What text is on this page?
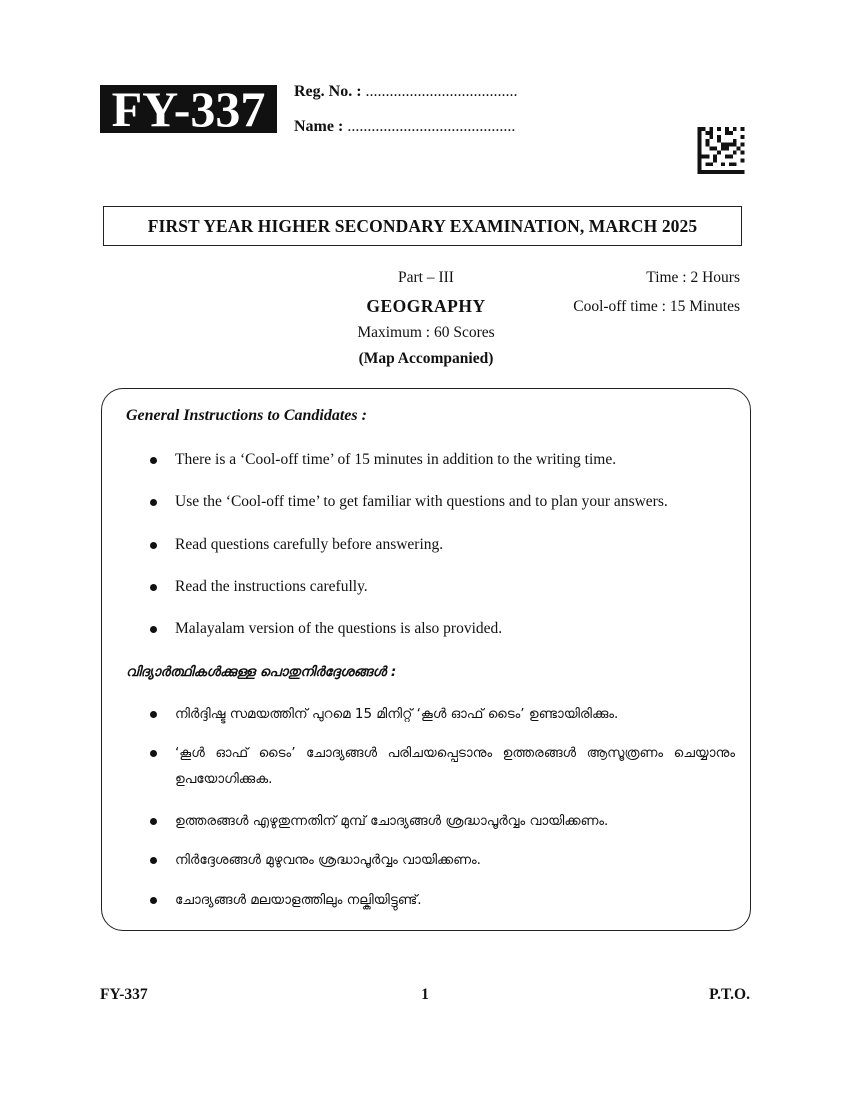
FY-337	Reg. No. : ......................................
Name : ..........................................
FIRST YEAR HIGHER SECONDARY EXAMINATION, MARCH 2025
Part – III
GEOGRAPHY
Maximum : 60 Scores
(Map Accompanied)
Time : 2 Hours
Cool-off time : 15 Minutes
General Instructions to Candidates :
There is a ‘Cool-off time’ of 15 minutes in addition to the writing time.
Use the ‘Cool-off time’ to get familiar with questions and to plan your answers.
Read questions carefully before answering.
Read the instructions carefully.
Malayalam version of the questions is also provided.
വിദ്യാർത്ഥികൾക്കുള്ള പൊതുനിർദ്ദേശങ്ങൾ :
നിർദ്ദിഷ്ട സമയത്തിന് പുറമെ 15 മിനിറ്റ് ‘കൂൾ ഓഫ് ടൈം’ ഉണ്ടായിരിക്കും.
‘കൂൾ ഓഫ് ടൈം’ ചോദ്യങ്ങൾ പരിചയപ്പെടാനും ഉത്തരങ്ങൾ ആസൂത്രണം ചെയ്യാനും ഉപയോഗിക്കുക.
ഉത്തരങ്ങൾ എഴുതുന്നതിന് മുമ്പ് ചോദ്യങ്ങൾ ശ്രദ്ധാപൂർവ്വം വായിക്കണം.
നിർദ്ദേശങ്ങൾ മുഴുവനും ശ്രദ്ധാപൂർവ്വം വായിക്കണം.
ചോദ്യങ്ങൾ മലയാളത്തിലും നല്കിയിട്ടുണ്ട്.
FY-337	1	P.T.O.
